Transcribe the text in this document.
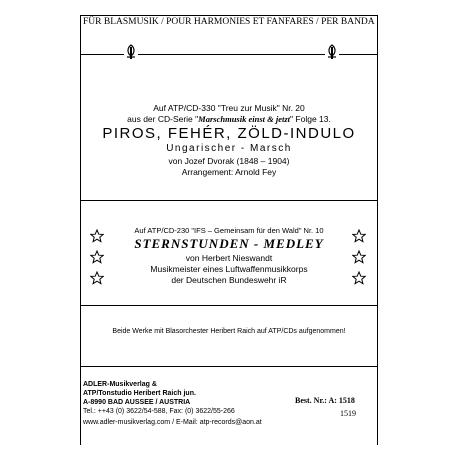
FÜR BLASMUSIK / POUR HARMONIES ET FANFARES / PER BANDA
Auf ATP/CD-330 "Treu zur Musik" Nr. 20
aus der CD-Serie "Marschmusik einst & jetzt" Folge 13.
PIROS, FEHÉR, ZÖLD-INDULO
Ungarischer - Marsch
von Jozef Dvorak (1848 – 1904)
Arrangement: Arnold Fey
Auf ATP/CD-230 "IFS – Gemeinsam für den Wald" Nr. 10
STERNSTUNDEN - MEDLEY
von Herbert Nieswandt
Musikmeister eines Luftwaffenmusikkorps
der Deutschen Bundeswehr iR
Beide Werke mit Blasorchester Heribert Raich auf ATP/CDs aufgenommen!
ADLER-Musikverlag &
ATP/Tonstudio Heribert Raich jun.
A-8990 BAD AUSSEE / AUSTRIA
Tel.: ++43 (0) 3622/54-588, Fax: (0) 3622/55-266
www.adler-musikverlag.com / E-Mail: atp-records@aon.at
Best. Nr.: A: 1518
1519
